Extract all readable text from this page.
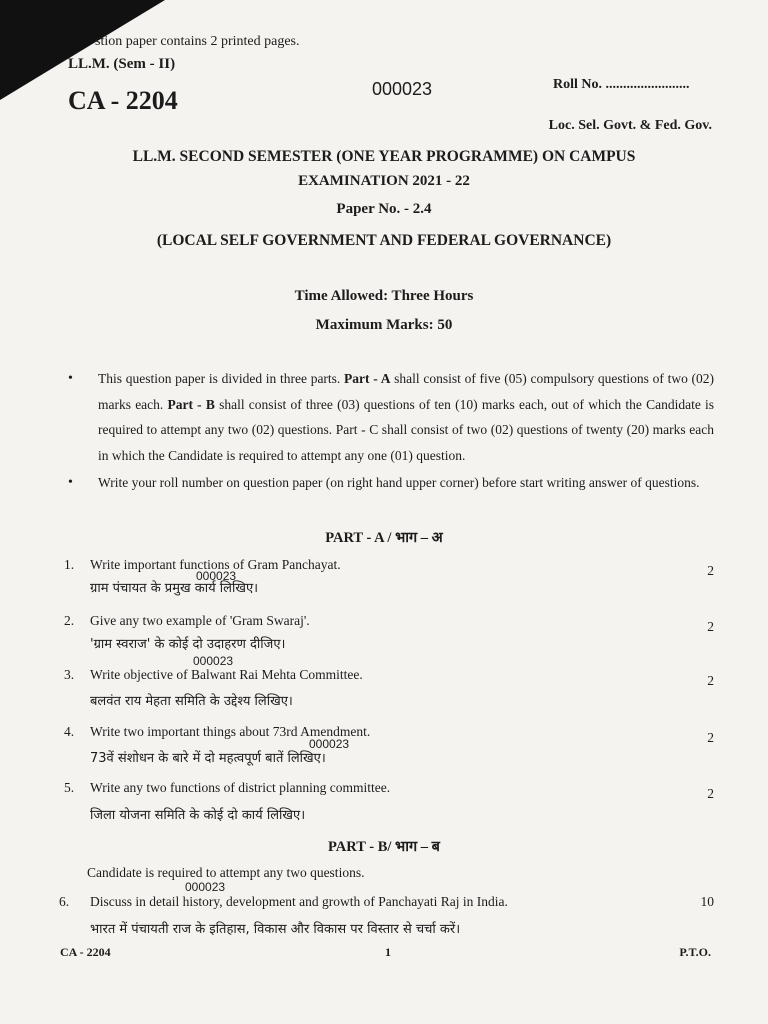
stion paper contains 2 printed pages.
LL.M. (Sem - II)
CA - 2204	000023	Roll No. ........................
Loc. Sel. Govt. & Fed. Gov.
LL.M. SECOND SEMESTER (ONE YEAR PROGRAMME) ON CAMPUS
EXAMINATION 2021 - 22
Paper No. - 2.4
(LOCAL SELF GOVERNMENT AND FEDERAL GOVERNANCE)
Time Allowed: Three Hours
Maximum Marks: 50
• This question paper is divided in three parts. Part - A shall consist of five (05) compulsory questions of two (02) marks each. Part - B shall consist of three (03) questions of ten (10) marks each, out of which the Candidate is required to attempt any two (02) questions. Part - C shall consist of two (02) questions of twenty (20) marks each in which the Candidate is required to attempt any one (01) question.
• Write your roll number on question paper (on right hand upper corner) before start writing answer of questions.
PART - A / भाग – अ
1. Write important functions of Gram Panchayat.
ग्राम पंचायत के प्रमुख कार्य लिखिए।
2
000023
2. Give any two example of 'Gram Swaraj'.
'ग्राम स्वराज' के कोई दो उदाहरण दीजिए।
2
000023
3. Write objective of Balwant Rai Mehta Committee.
बलवंत राय मेहता समिति के उद्देश्य लिखिए।
2
4. Write two important things about 73rd Amendment.
73वें संशोधन के बारे में दो महत्वपूर्ण बातें लिखिए।
2
000023
5. Write any two functions of district planning committee.
जिला योजना समिति के कोई दो कार्य लिखिए।
2
PART - B/ भाग – ब
Candidate is required to attempt any two questions.
000023
6. Discuss in detail history, development and growth of Panchayati Raj in India.
भारत में पंचायती राज के इतिहास, विकास और विकास पर विस्तार से चर्चा करें।
10
CA - 2204	1	P.T.O.
